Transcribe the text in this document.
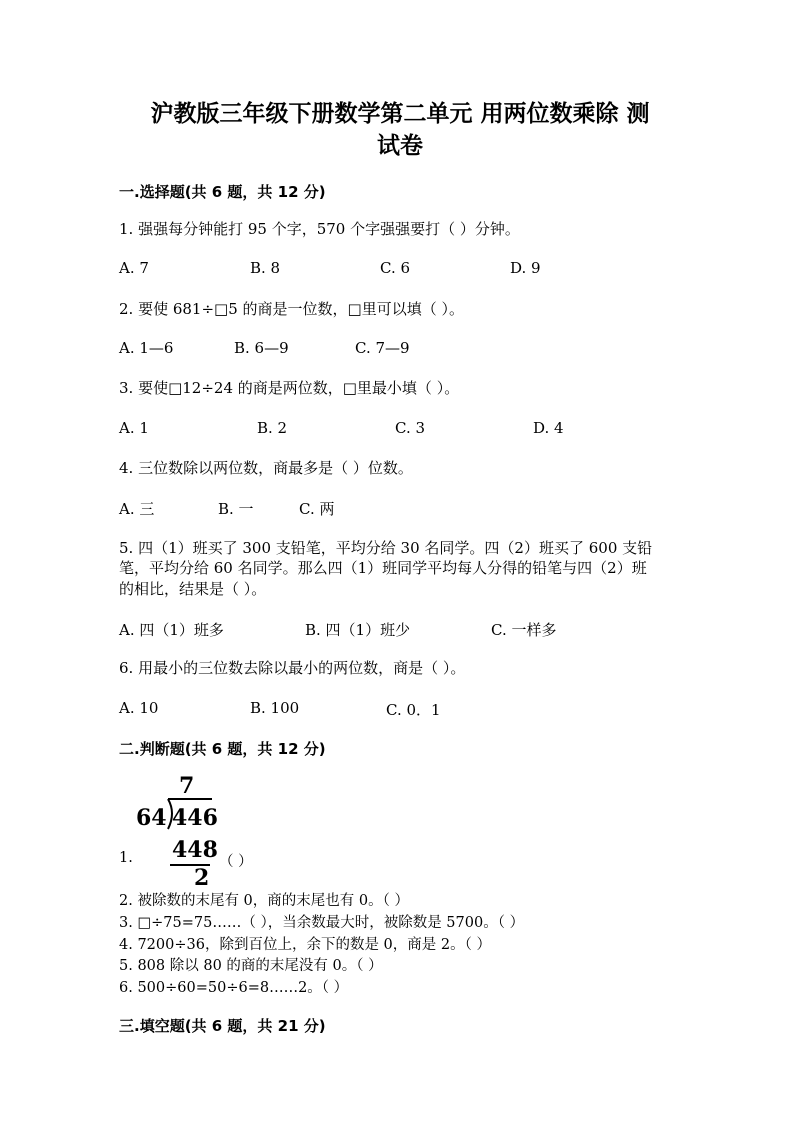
沪教版三年级下册数学第二单元 用两位数乘除 测
试卷
一.选择题(共 6 题，共 12 分)
1. 强强每分钟能打 95 个字，570 个字强强要打（ ）分钟。
A. 7	B. 8	C. 6	D. 9
2. 要使 681÷□5 的商是一位数，□里可以填（ ）。
A. 1—6	B. 6—9	C. 7—9
3. 要使□12÷24 的商是两位数，□里最小填（ ）。
A. 1	B. 2	C. 3	D. 4
4. 三位数除以两位数，商最多是（ ）位数。
A. 三	B. 一	C. 两
5. 四（1）班买了 300 支铅笔，平均分给 30 名同学。四（2）班买了 600 支铅
笔，平均分给 60 名同学。那么四（1）班同学平均每人分得的铅笔与四（2）班
的相比，结果是（ ）。
A. 四（1）班多	B. 四（1）班少	C. 一样多
6. 用最小的三位数去除以最小的两位数，商是（ ）。
A. 10	B. 100	C. 0．1
二.判断题(共 6 题，共 12 分)
7
64 446
448
2
1.	（ ）
2. 被除数的末尾有 0，商的末尾也有 0。（ ）
3. □÷75=75……（ ），当余数最大时，被除数是 5700。（ ）
4. 7200÷36，除到百位上，余下的数是 0，商是 2。（ ）
5. 808 除以 80 的商的末尾没有 0。（ ）
6. 500÷60=50÷6=8……2。（ ）
三.填空题(共 6 题，共 21 分)
